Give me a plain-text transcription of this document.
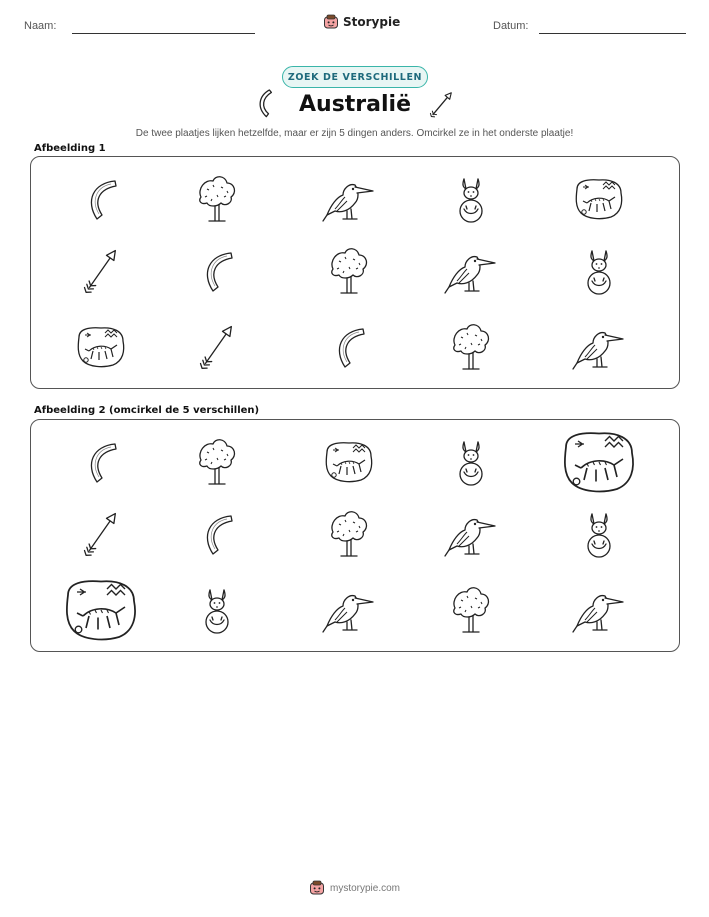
Naam:	Storypie	Datum:
ZOEK DE VERSCHILLEN
Australië
De twee plaatjes lijken hetzelfde, maar er zijn 5 dingen anders. Omcirkel ze in het onderste plaatje!
Afbeelding 1
Afbeelding 2 (omcirkel de 5 verschillen)
mystorypie.com
